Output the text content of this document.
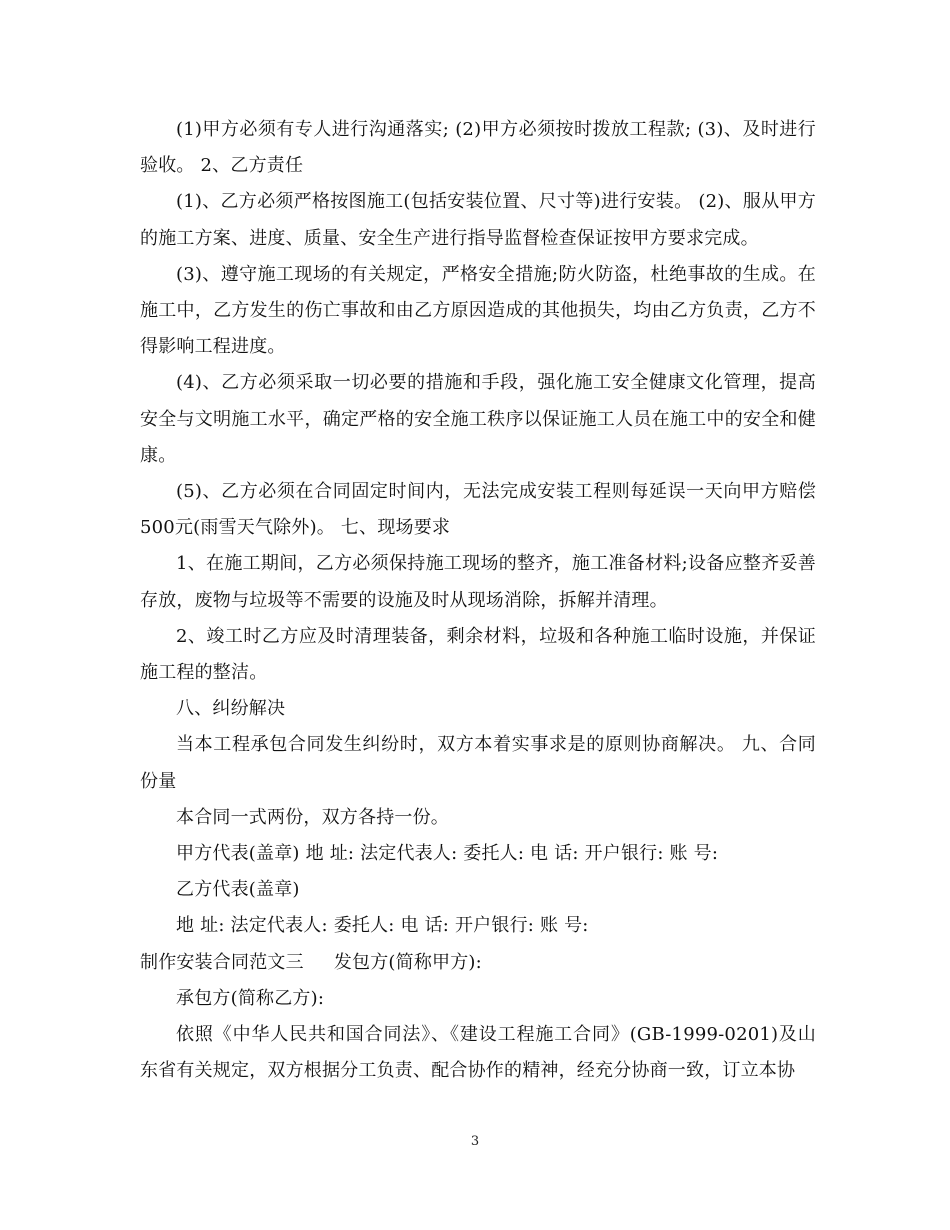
(1)甲方必须有专人进行沟通落实; (2)甲方必须按时拨放工程款; (3)、及时进行验收。 2、乙方责任

(1)、乙方必须严格按图施工(包括安装位置、尺寸等)进行安装。 (2)、服从甲方的施工方案、进度、质量、安全生产进行指导监督检查保证按甲方要求完成。

(3)、遵守施工现场的有关规定，严格安全措施;防火防盗，杜绝事故的生成。在施工中，乙方发生的伤亡事故和由乙方原因造成的其他损失，均由乙方负责，乙方不得影响工程进度。

(4)、乙方必须采取一切必要的措施和手段，强化施工安全健康文化管理，提高安全与文明施工水平，确定严格的安全施工秩序以保证施工人员在施工中的安全和健康。

(5)、乙方必须在合同固定时间内，无法完成安装工程则每延误一天向甲方赔偿500元(雨雪天气除外)。 七、现场要求

1、在施工期间，乙方必须保持施工现场的整齐，施工准备材料;设备应整齐妥善存放，废物与垃圾等不需要的设施及时从现场消除，拆解并清理。

2、竣工时乙方应及时清理装备，剩余材料，垃圾和各种施工临时设施，并保证施工程的整洁。

八、纠纷解决

当本工程承包合同发生纠纷时，双方本着实事求是的原则协商解决。 九、合同份量

本合同一式两份，双方各持一份。

甲方代表(盖章) 地 址: 法定代表人: 委托人: 电 话: 开户银行: 账 号:

乙方代表(盖章)

地 址: 法定代表人: 委托人: 电 话: 开户银行: 账 号:

制作安装合同范文三 发包方(简称甲方):

承包方(简称乙方):

依照《中华人民共和国合同法》、《建设工程施工合同》(GB-1999-0201)及山东省有关规定，双方根据分工负责、配合协作的精神，经充分协商一致，订立本协

3
